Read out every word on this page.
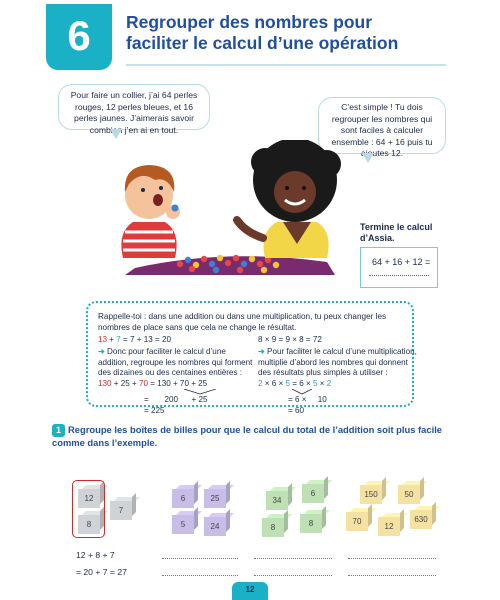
6	Regrouper des nombres pour
faciliter le calcul d’une opération
Pour faire un collier, j’ai 64 perles rouges, 12 perles bleues, et 16 perles jaunes. J’aimerais savoir combien j’en ai en tout.
C’est simple ! Tu dois regrouper les nombres qui sont faciles à calculer ensemble : 64 + 16 puis tu ajoutes 12.
Termine le calcul d’Assia.
64 + 16 + 12 =
Rappelle-toi : dans une addition ou dans une multiplication, tu peux changer les nombres de place sans que cela ne change le résultat.
13 + 7 = 7 + 13 = 20
➜ Donc pour faciliter le calcul d’une addition, regroupe les nombres qui forment des dizaines ou des centaines entières :
130 + 25 + 70 = 130 + 70 + 25
=       200      + 25
= 225
8 × 9 = 9 × 8 = 72
➜ Pour faciliter le calcul d’une multiplication, multiplie d’abord les nombres qui donnent des résultats plus simples à utiliser :
2 × 6 × 5 = 6 × 5 × 2
= 6 ×     10
= 60
1 Regroupe les boîtes de billes pour que le calcul du total de l’addition soit plus facile comme dans l’exemple.
12
7
8
6	25
5	24
34
6
8	8
150	50
70
12
630
12 + 8 + 7
= 20 + 7 = 27
12
